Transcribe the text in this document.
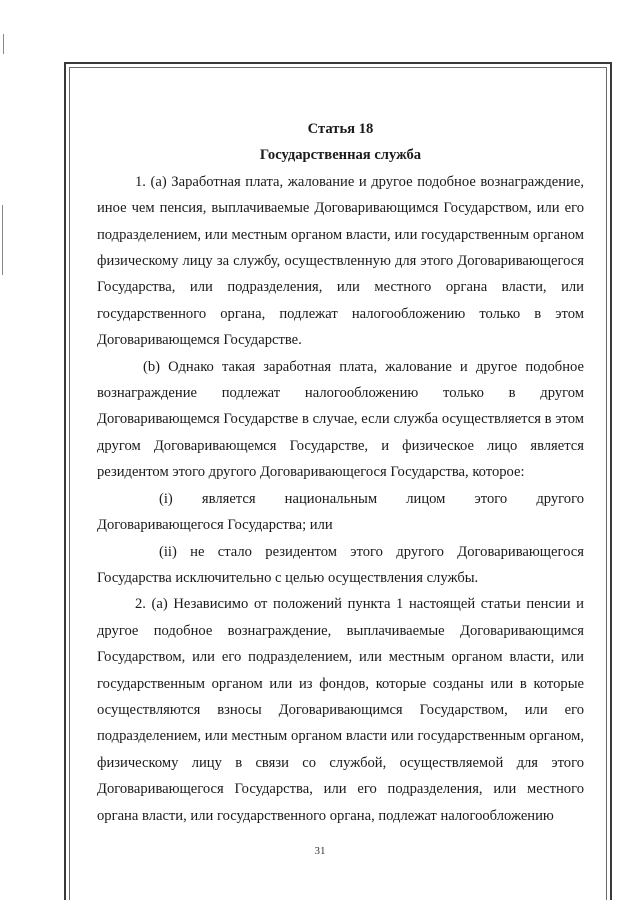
Статья 18
Государственная служба

1. (a) Заработная плата, жалование и другое подобное вознаграждение, иное чем пенсия, выплачиваемые Договаривающимся Государством, или его подразделением, или местным органом власти, или государственным органом физическому лицу за службу, осуществленную для этого Договаривающегося Государства, или подразделения, или местного органа власти, или государственного органа, подлежат налогообложению только в этом Договаривающемся Государстве.

(b) Однако такая заработная плата, жалование и другое подобное вознаграждение подлежат налогообложению только в другом Договаривающемся Государстве в случае, если служба осуществляется в этом другом Договаривающемся Государстве, и физическое лицо является резидентом этого другого Договаривающегося Государства, которое:

(i) является национальным лицом этого другого Договаривающегося Государства; или

(ii) не стало резидентом этого другого Договаривающегося Государства исключительно с целью осуществления службы.

2. (a) Независимо от положений пункта 1 настоящей статьи пенсии и другое подобное вознаграждение, выплачиваемые Договаривающимся Государством, или его подразделением, или местным органом власти, или государственным органом или из фондов, которые созданы или в которые осуществляются взносы Договаривающимся Государством, или его подразделением, или местным органом власти или государственным органом, физическому лицу в связи со службой, осуществляемой для этого Договаривающегося Государства, или его подразделения, или местного органа власти, или государственного органа, подлежат налогообложению

31
